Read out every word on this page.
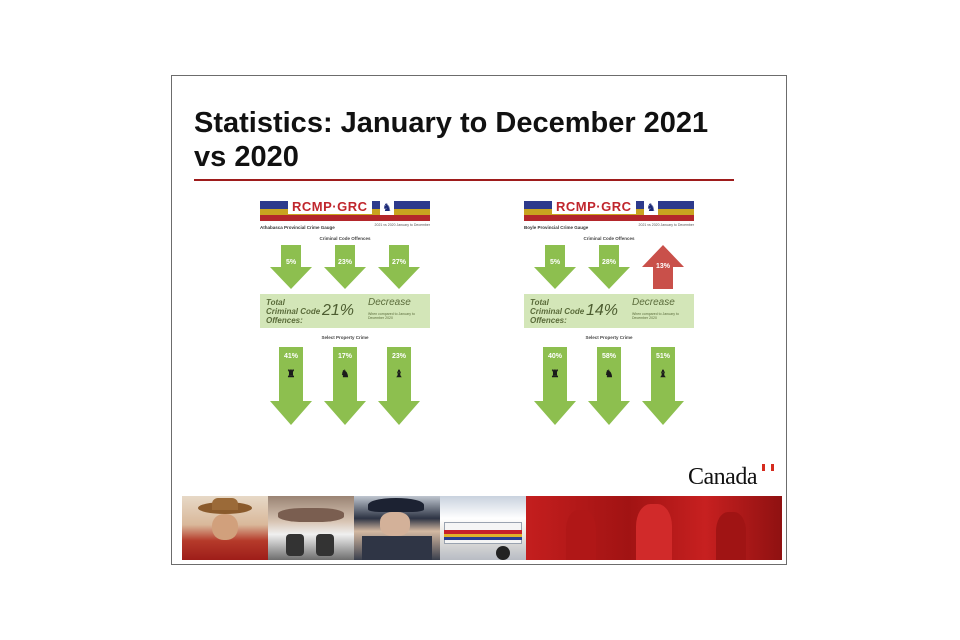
Statistics: January to December 2021
vs 2020
RCMP·GRC	♞
Athabasca Provincial Crime Gauge	2021 vs 2020 January to December
Criminal Code Offences
5%	23%	27%
Total
Criminal Code
Offences:
21% Decrease
When compared to January to December 2020
Select Property Crime
41%
♜
17%
♞
23%
♝
RCMP·GRC	♞
Boyle Provincial Crime Gauge	2021 vs 2020 January to December
Criminal Code Offences
5%	28%
13%
Total
Criminal Code
Offences:
14% Decrease
When compared to January to December 2020
Select Property Crime
40%
♜
58%
♞
51%
♝
Canada
